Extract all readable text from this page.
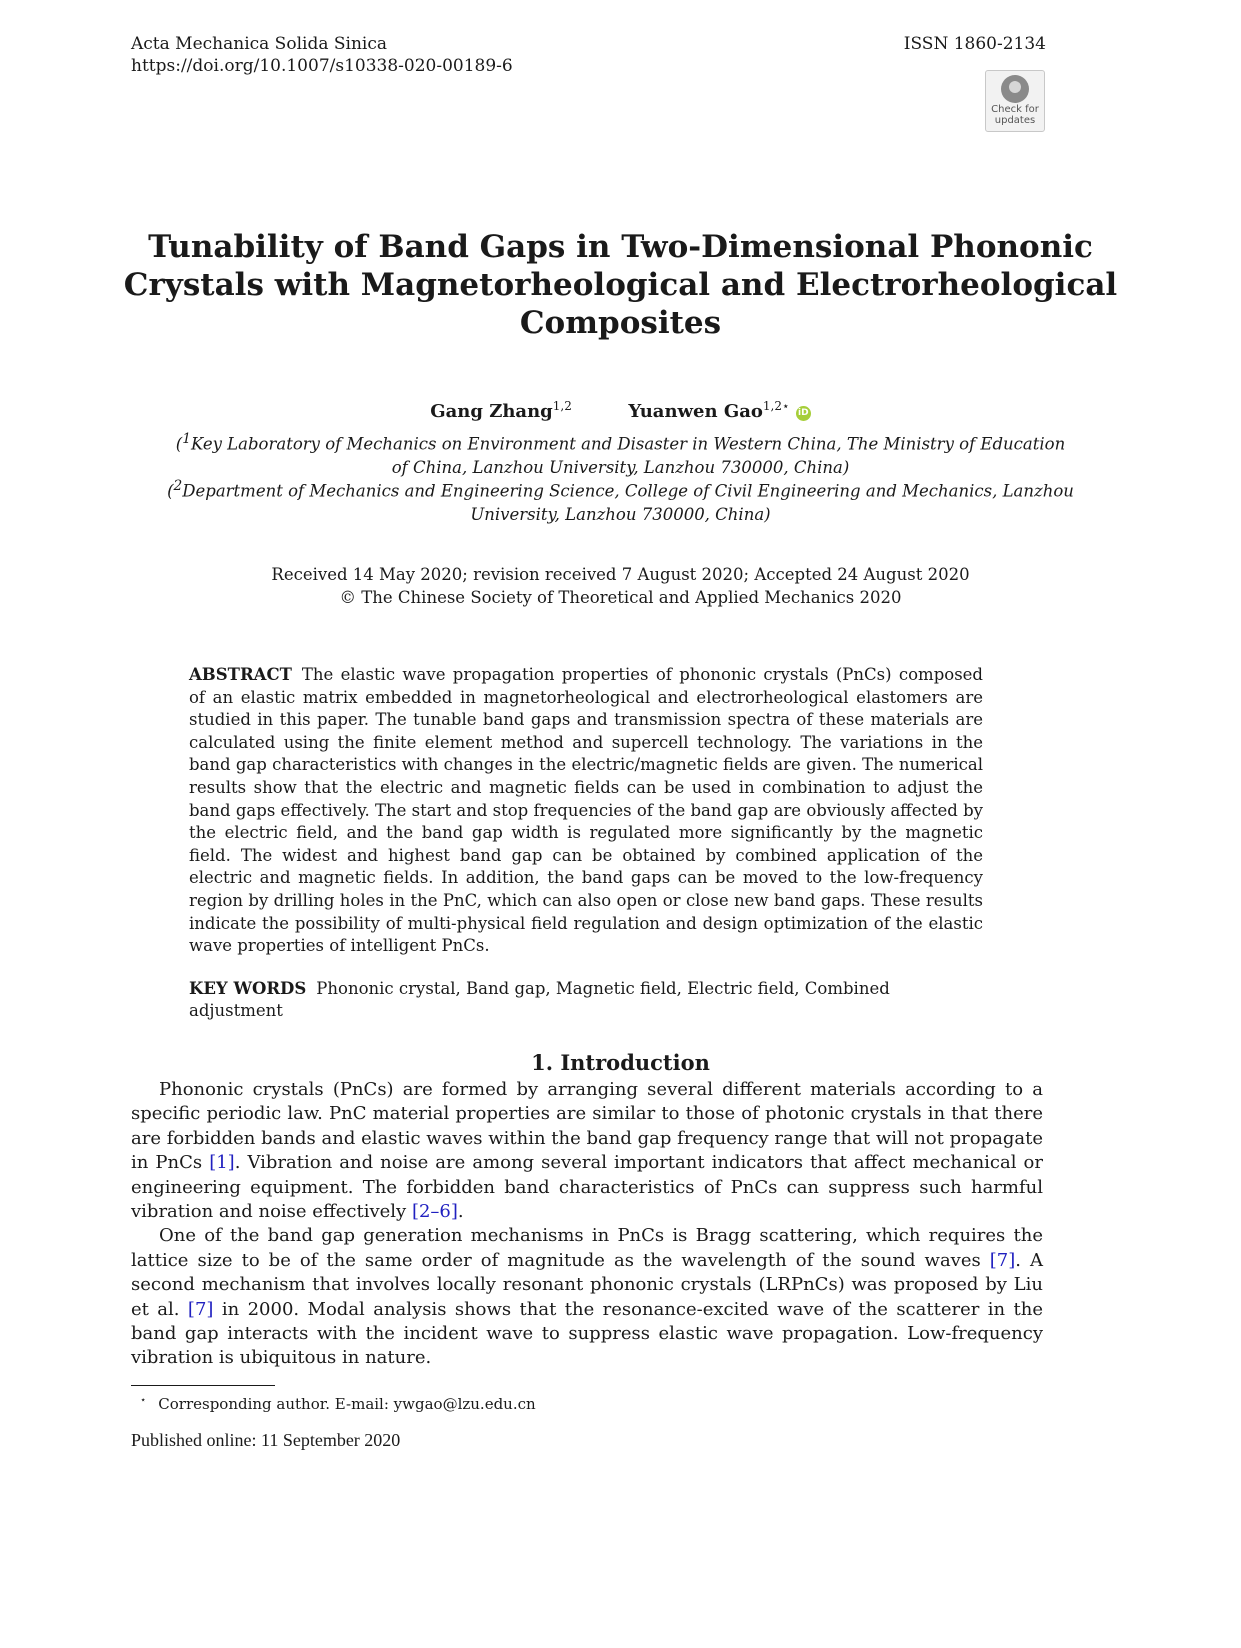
Acta Mechanica Solida Sinica
https://doi.org/10.1007/s10338-020-00189-6
ISSN 1860-2134
Check for
updates
Tunability of Band Gaps in Two-Dimensional Phononic
Crystals with Magnetorheological and Electrorheological
Composites
Gang Zhang$^{1,2}$	Yuanwen Gao$^{1,2⋆}$ iD
($^1$Key Laboratory of Mechanics on Environment and Disaster in Western China, The Ministry of Education
of China, Lanzhou University, Lanzhou 730000, China)
($^2$Department of Mechanics and Engineering Science, College of Civil Engineering and Mechanics, Lanzhou
University, Lanzhou 730000, China)
Received 14 May 2020; revision received 7 August 2020; Accepted 24 August 2020
© The Chinese Society of Theoretical and Applied Mechanics 2020
ABSTRACT The elastic wave propagation properties of phononic crystals (PnCs) composed of an elastic matrix embedded in magnetorheological and electrorheological elastomers are studied in this paper. The tunable band gaps and transmission spectra of these materials are calculated using the finite element method and supercell technology. The variations in the band gap characteristics with changes in the electric/magnetic fields are given. The numerical results show that the electric and magnetic fields can be used in combination to adjust the band gaps effectively. The start and stop frequencies of the band gap are obviously affected by the electric field, and the band gap width is regulated more significantly by the magnetic field. The widest and highest band gap can be obtained by combined application of the electric and magnetic fields. In addition, the band gaps can be moved to the low-frequency region by drilling holes in the PnC, which can also open or close new band gaps. These results indicate the possibility of multi-physical field regulation and design optimization of the elastic wave properties of intelligent PnCs.
KEY WORDS Phononic crystal, Band gap, Magnetic field, Electric field, Combined adjustment
1. Introduction

Phononic crystals (PnCs) are formed by arranging several different materials according to a specific periodic law. PnC material properties are similar to those of photonic crystals in that there are forbidden bands and elastic waves within the band gap frequency range that will not propagate in PnCs [1]. Vibration and noise are among several important indicators that affect mechanical or engineering equipment. The forbidden band characteristics of PnCs can suppress such harmful vibration and noise effectively [2–6].

One of the band gap generation mechanisms in PnCs is Bragg scattering, which requires the lattice size to be of the same order of magnitude as the wavelength of the sound waves [7]. A second mechanism that involves locally resonant phononic crystals (LRPnCs) was proposed by Liu et al. [7] in 2000. Modal analysis shows that the resonance-excited wave of the scatterer in the band gap interacts with the incident wave to suppress elastic wave propagation. Low-frequency vibration is ubiquitous in nature.

⋆ Corresponding author. E-mail: ywgao@lzu.edu.cn
Published online: 11 September 2020
